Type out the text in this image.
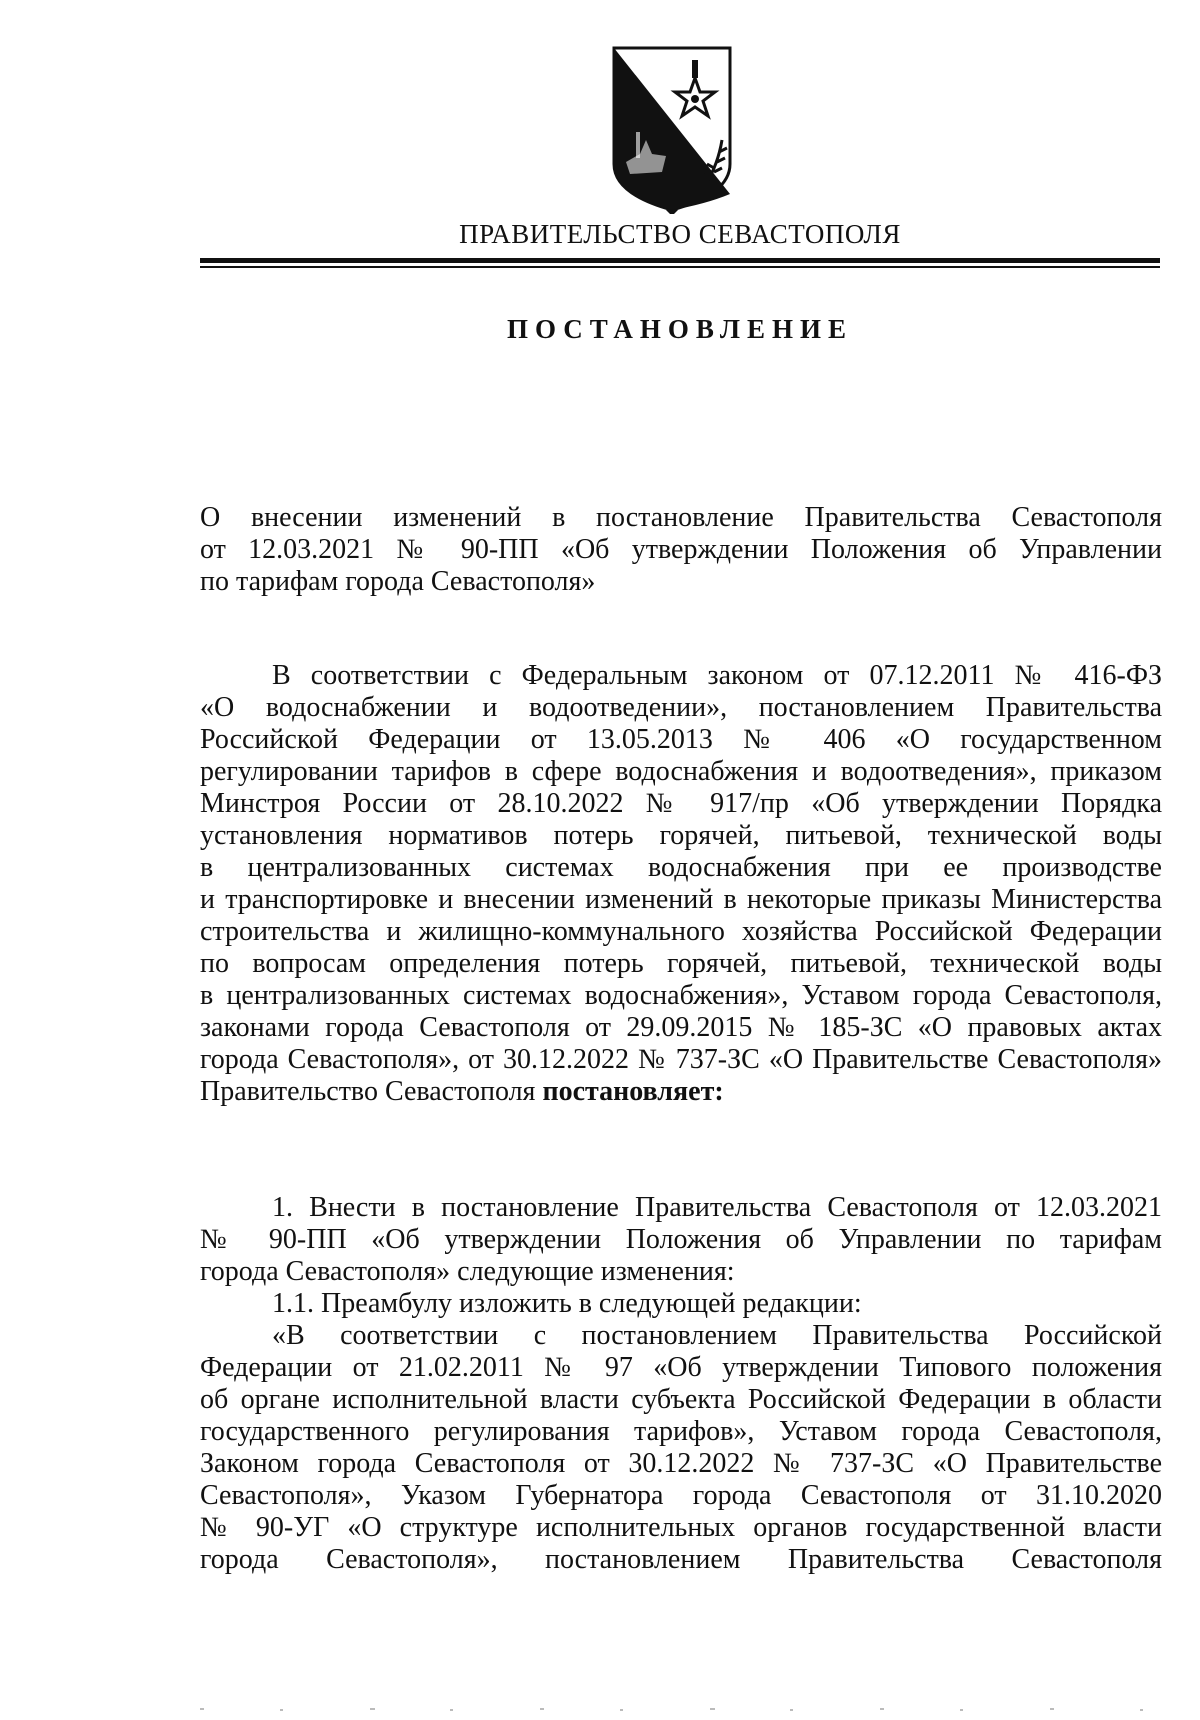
ПРАВИТЕЛЬСТВО СЕВАСТОПОЛЯ
ПОСТАНОВЛЕНИЕ
О внесении изменений в постановление Правительства Севастополя
от 12.03.2021 № 90-ПП «Об утверждении Положения об Управлении
по тарифам города Севастополя»
В соответствии с Федеральным законом от 07.12.2011 № 416-ФЗ
«О водоснабжении и водоотведении», постановлением Правительства
Российской Федерации от 13.05.2013 № 406 «О государственном
регулировании тарифов в сфере водоснабжения и водоотведения», приказом
Минстроя России от 28.10.2022 № 917/пр «Об утверждении Порядка
установления нормативов потерь горячей, питьевой, технической воды
в централизованных системах водоснабжения при ее производстве
и транспортировке и внесении изменений в некоторые приказы Министерства
строительства и жилищно-коммунального хозяйства Российской Федерации
по вопросам определения потерь горячей, питьевой, технической воды
в централизованных системах водоснабжения», Уставом города Севастополя,
законами города Севастополя от 29.09.2015 № 185-ЗС «О правовых актах
города Севастополя», от 30.12.2022 № 737-ЗС «О Правительстве Севастополя»
Правительство Севастополя постановляет:
1. Внести в постановление Правительства Севастополя от 12.03.2021
№ 90-ПП «Об утверждении Положения об Управлении по тарифам
города Севастополя» следующие изменения:
1.1. Преамбулу изложить в следующей редакции:
«В соответствии с постановлением Правительства Российской
Федерации от 21.02.2011 № 97 «Об утверждении Типового положения
об органе исполнительной власти субъекта Российской Федерации в области
государственного регулирования тарифов», Уставом города Севастополя,
Законом города Севастополя от 30.12.2022 № 737-ЗС «О Правительстве
Севастополя», Указом Губернатора города Севастополя от 31.10.2020
№ 90-УГ «О структуре исполнительных органов государственной власти
города Севастополя», постановлением Правительства Севастополя
